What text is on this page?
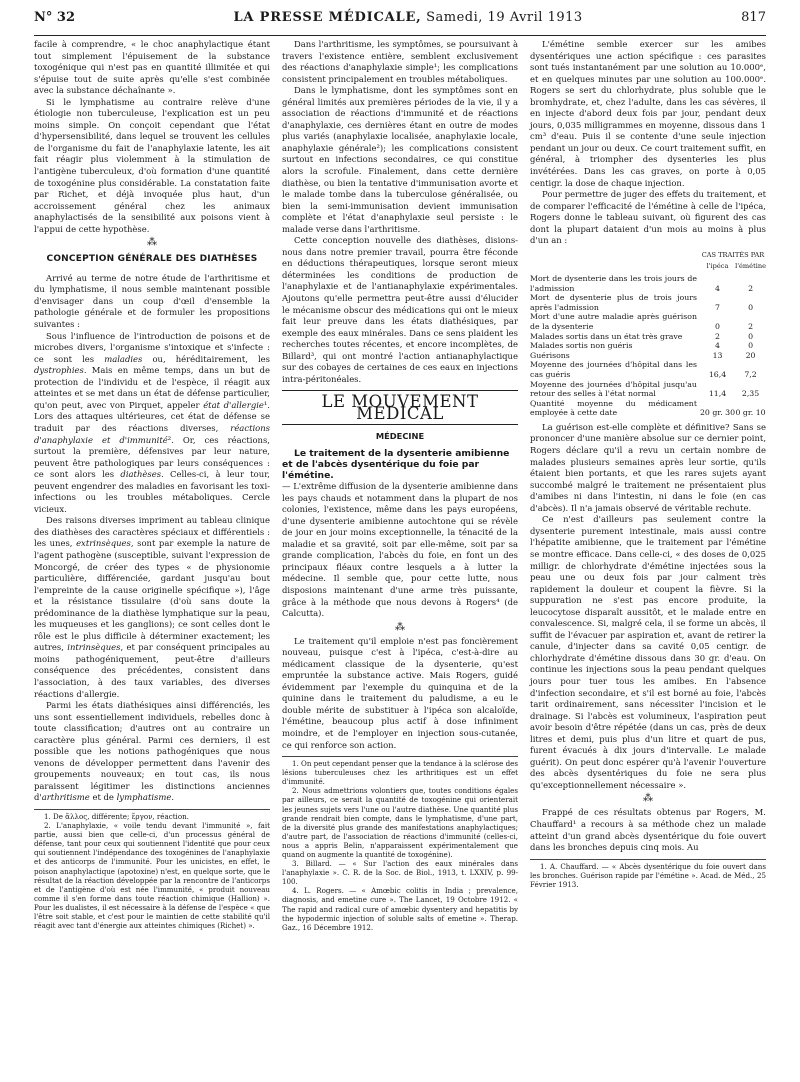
N° 32	LA PRESSE MÉDICALE, Samedi, 19 Avril 1913	817

facile à comprendre, « le choc anaphylactique étant tout simplement l'épuisement de la substance toxogénique qui n'est pas en quantité illimitée et qui s'épuise tout de suite après qu'elle s'est combinée avec la substance déchaînante ».

Si le lymphatisme au contraire relève d'une étiologie non tuberculeuse, l'explication est un peu moins simple. On conçoit cependant que l'état d'hypersensibilité, dans lequel se trouvent les cellules de l'organisme du fait de l'anaphylaxie latente, les ait fait réagir plus violemment à la stimulation de l'antigène tuberculeux, d'où formation d'une quantité de toxogénine plus considérable. La constatation faite par Richet, et déjà invoquée plus haut, d'un accroissement général chez les animaux anaphylactisés de la sensibilité aux poisons vient à l'appui de cette hypothèse.

⁂
CONCEPTION GÉNÉRALE DES DIATHÈSES

Arrivé au terme de notre étude de l'arthritisme et du lymphatisme, il nous semble maintenant possible d'envisager dans un coup d'œil d'ensemble la pathologie générale et de formuler les propositions suivantes :

Sous l'influence de l'introduction de poisons et de microbes divers, l'organisme s'intoxique et s'infecte : ce sont les maladies ou, héréditairement, les dystrophies. Mais en même temps, dans un but de protection de l'individu et de l'espèce, il réagit aux atteintes et se met dans un état de défense particulier, qu'on peut, avec von Pirquet, appeler état d'allergie¹. Lors des attaques ultérieures, cet état de défense se traduit par des réactions diverses, réactions d'anaphylaxie et d'immunité². Or, ces réactions, surtout la première, défensives par leur nature, peuvent être pathologiques par leurs conséquences : ce sont alors les diathèses. Celles-ci, à leur tour, peuvent engendrer des maladies en favorisant les toxi-infections ou les troubles métaboliques. Cercle vicieux.

Des raisons diverses impriment au tableau clinique des diathèses des caractères spéciaux et différentiels : les unes, extrinsèques, sont par exemple la nature de l'agent pathogène (susceptible, suivant l'expression de Moncorgé, de créer des types « de physionomie particulière, différenciée, gardant jusqu'au bout l'empreinte de la cause originelle spécifique »), l'âge et la résistance tissulaire (d'où sans doute la prédominance de la diathèse lymphatique sur la peau, les muqueuses et les ganglions); ce sont celles dont le rôle est le plus difficile à déterminer exactement; les autres, intrinsèques, et par conséquent principales au moins pathogéniquement, peut-être d'ailleurs conséquence des précédentes, consistent dans l'association, à des taux variables, des diverses réactions d'allergie.

Parmi les états diathésiques ainsi différenciés, les uns sont essentiellement individuels, rebelles donc à toute classification; d'autres ont au contraire un caractère plus général. Parmi ces derniers, il est possible que les notions pathogéniques que nous venons de développer permettent dans l'avenir des groupements nouveaux; en tout cas, ils nous paraissent légitimer les distinctions anciennes d'arthritisme et de lymphatisme.

1. De ἄλλος, différente; ἔργον, réaction.

2. L'anaphylaxie, « voile tendu devant l'immunité », fait partie, aussi bien que celle-ci, d'un processus général de défense, tant pour ceux qui soutiennent l'identité que pour ceux qui soutiennent l'indépendance des toxogénines de l'anaphylaxie et des anticorps de l'immunité. Pour les unicistes, en effet, le poison anaphylactique (apotoxine) n'est, en quelque sorte, que le résultat de la réaction développée par la rencontre de l'anticorps et de l'antigène d'où est née l'immunité, « produit nouveau comme il s'en forme dans toute réaction chimique (Hallion) ». Pour les dualistes, il est nécessaire à la défense de l'espèce « que l'être soit stable, et c'est pour le maintien de cette stabilité qu'il réagit avec tant d'énergie aux atteintes chimiques (Richet) ».

Dans l'arthritisme, les symptômes, se poursuivant à travers l'existence entière, semblent exclusivement des réactions d'anaphylaxie simple¹; les complications consistent principalement en troubles métaboliques.

Dans le lymphatisme, dont les symptômes sont en général limités aux premières périodes de la vie, il y a association de réactions d'immunité et de réactions d'anaphylaxie, ces dernières étant en outre de modes plus variés (anaphylaxie localisée, anaphylaxie locale, anaphylaxie générale²); les complications consistent surtout en infections secondaires, ce qui constitue alors la scrofule. Finalement, dans cette dernière diathèse, ou bien la tentative d'immunisation avorte et le malade tombe dans la tuberculose généralisée, ou bien la semi-immunisation devient immunisation complète et l'état d'anaphylaxie seul persiste : le malade verse dans l'arthritisme.

Cette conception nouvelle des diathèses, disions-nous dans notre premier travail, pourra être féconde en déductions thérapeutiques, lorsque seront mieux déterminées les conditions de production de l'anaphylaxie et de l'antianaphylaxie expérimentales. Ajoutons qu'elle permettra peut-être aussi d'élucider le mécanisme obscur des médications qui ont le mieux fait leur preuve dans les états diathésiques, par exemple des eaux minérales. Dans ce sens plaident les recherches toutes récentes, et encore incomplètes, de Billard³, qui ont montré l'action antianaphylactique sur des cobayes de certaines de ces eaux en injections intra-péritonéales.

LE MOUVEMENT MÉDICAL
MÉDECINE
Le traitement de la dysenterie amibienne et de l'abcès dysentérique du foie par l'émétine.

— L'extrême diffusion de la dysenterie amibienne dans les pays chauds et notamment dans la plupart de nos colonies, l'existence, même dans les pays européens, d'une dysenterie amibienne autochtone qui se révèle de jour en jour moins exceptionnelle, la ténacité de la maladie et sa gravité, soit par elle-même, soit par sa grande complication, l'abcès du foie, en font un des principaux fléaux contre lesquels a à lutter la médecine. Il semble que, pour cette lutte, nous disposions maintenant d'une arme très puissante, grâce à la méthode que nous devons à Rogers⁴ (de Calcutta).

⁂

Le traitement qu'il emploie n'est pas foncièrement nouveau, puisque c'est à l'ipéca, c'est-à-dire au médicament classique de la dysenterie, qu'est empruntée la substance active. Mais Rogers, guidé évidemment par l'exemple du quinquina et de la quinine dans le traitement du paludisme, a eu le double mérite de substituer à l'ipéca son alcaloïde, l'émétine, beaucoup plus actif à dose infiniment moindre, et de l'employer en injection sous-cutanée, ce qui renforce son action.

1. On peut cependant penser que la tendance à la sclérose des lésions tuberculeuses chez les arthritiques est un effet d'immunité.

2. Nous admettrions volontiers que, toutes conditions égales par ailleurs, ce serait la quantité de toxogénine qui orienterait les jeunes sujets vers l'une ou l'autre diathèse. Une quantité plus grande rendrait bien compte, dans le lymphatisme, d'une part, de la diversité plus grande des manifestations anaphylactiques; d'autre part, de l'association de réactions d'immunité (celles-ci, nous a appris Belin, n'apparaissent expérimentalement que quand on augmente la quantité de toxogénine).

3. Billard. — « Sur l'action des eaux minérales dans l'anaphylaxie ». C. R. de la Soc. de Biol., 1913, t. LXXIV, p. 99-100.

4. L. Rogers. — « Amœbic colitis in India ; prevalence, diagnosis, and emetine cure ». The Lancet, 19 Octobre 1912. « The rapid and radical cure of amœbic dysentery and hepatitis by the hypodermic injection of soluble salts of emetine ». Therap. Gaz., 16 Décembre 1912.

L'émétine semble exercer sur les amibes dysentériques une action spécifique : ces parasites sont tués instantanément par une solution au 10.000ᵉ, et en quelques minutes par une solution au 100.000ᵉ. Rogers se sert du chlorhydrate, plus soluble que le bromhydrate, et, chez l'adulte, dans les cas sévères, il en injecte d'abord deux fois par jour, pendant deux jours, 0,035 milligrammes en moyenne, dissous dans 1 cm³ d'eau. Puis il se contente d'une seule injection pendant un jour ou deux. Ce court traitement suffit, en général, à triompher des dysenteries les plus invétérées. Dans les cas graves, on porte à 0,05 centigr. la dose de chaque injection.

Pour permettre de juger des effets du traitement, et de comparer l'efficacité de l'émétine à celle de l'ipéca, Rogers donne le tableau suivant, où figurent des cas dont la plupart dataient d'un mois au moins à plus d'un an :

	CAS TRAITÉS PAR	
	l'ipéca	l'émétine
Mort de dysenterie dans les trois jours de l'admission	4	2
Mort de dysenterie plus de trois jours après l'admission	7	0
Mort d'une autre maladie après guérison de la dysenterie	0	2
Malades sortis dans un état très grave	2	0
Malades sortis non guéris	4	0
Guérisons	13	20
Moyenne des journées d'hôpital dans les cas guéris	16,4	7,2
Moyenne des journées d'hôpital jusqu'au retour des selles à l'état normal	11,4	2,35
Quantité moyenne du médicament employée à cette date	20 gr. 30	0 gr. 10

La guérison est-elle complète et définitive? Sans se prononcer d'une manière absolue sur ce dernier point, Rogers déclare qu'il a revu un certain nombre de malades plusieurs semaines après leur sortie, qu'ils étaient bien portants, et que les rares sujets ayant succombé malgré le traitement ne présentaient plus d'amibes ni dans l'intestin, ni dans le foie (en cas d'abcès). Il n'a jamais observé de véritable rechute.

Ce n'est d'ailleurs pas seulement contre la dysenterie purement intestinale, mais aussi contre l'hépatite amibienne, que le traitement par l'émétine se montre efficace. Dans celle-ci, « des doses de 0,025 milligr. de chlorhydrate d'émétine injectées sous la peau une ou deux fois par jour calment très rapidement la douleur et coupent la fièvre. Si la suppuration ne s'est pas encore produite, la leucocytose disparaît aussitôt, et le malade entre en convalescence. Si, malgré cela, il se forme un abcès, il suffit de l'évacuer par aspiration et, avant de retirer la canule, d'injecter dans sa cavité 0,05 centigr. de chlorhydrate d'émétine dissous dans 30 gr. d'eau. On continue les injections sous la peau pendant quelques jours pour tuer tous les amibes. En l'absence d'infection secondaire, et s'il est borné au foie, l'abcès tarit ordinairement, sans nécessiter l'incision et le drainage. Si l'abcès est volumineux, l'aspiration peut avoir besoin d'être répétée (dans un cas, près de deux litres et demi, puis plus d'un litre et quart de pus, furent évacués à dix jours d'intervalle. Le malade guérit). On peut donc espérer qu'à l'avenir l'ouverture des abcès dysentériques du foie ne sera plus qu'exceptionnellement nécessaire ».

⁂

Frappé de ces résultats obtenus par Rogers, M. Chauffard¹ a recours à sa méthode chez un malade atteint d'un grand abcès dysentérique du foie ouvert dans les bronches depuis cinq mois. Au

1. A. Chauffard. — « Abcès dysentérique du foie ouvert dans les bronches. Guérison rapide par l'émétine ». Acad. de Méd., 25 Février 1913.
